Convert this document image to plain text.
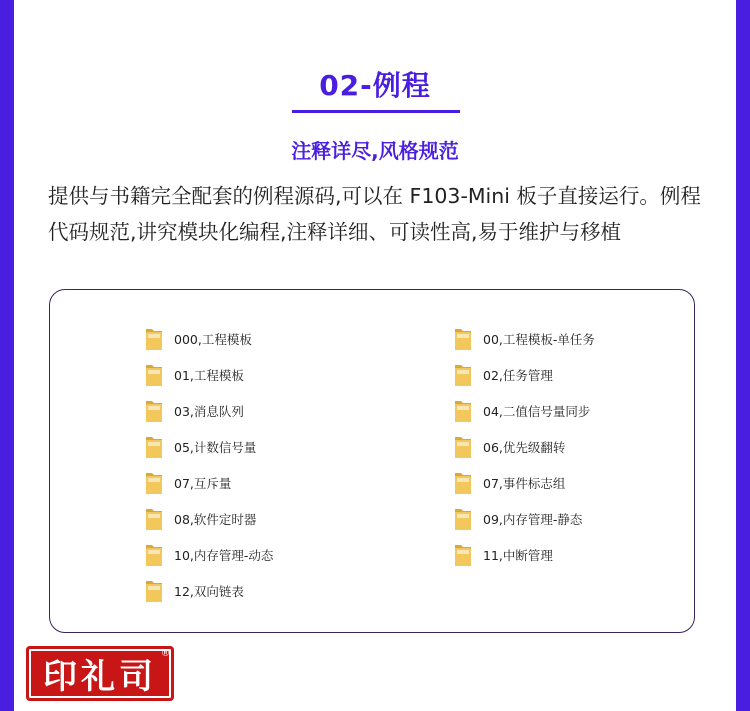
02-例程
注释详尽,风格规范
提供与书籍完全配套的例程源码,可以在 F103-Mini 板子直接运行。例程
代码规范,讲究模块化编程,注释详细、可读性高,易于维护与移植
000,工程模板
01,工程模板
03,消息队列
05,计数信号量
07,互斥量
08,软件定时器
10,内存管理-动态
12,双向链表
00,工程模板-单任务
02,任务管理
04,二值信号量同步
06,优先级翻转
07,事件标志组
09,内存管理-静态
11,中断管理
印礼司
®
